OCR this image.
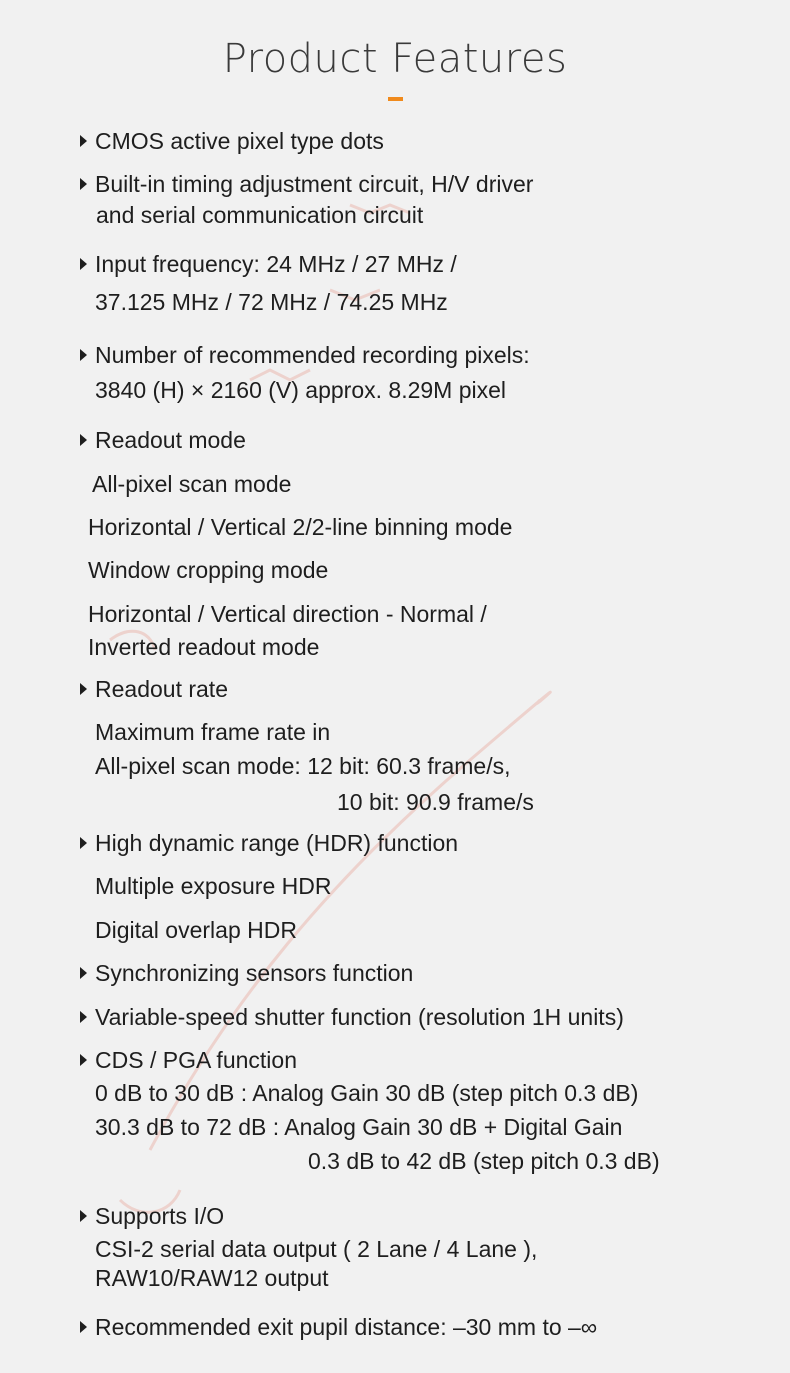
Product Features
CMOS active pixel type dots
Built-in timing adjustment circuit, H/V driver
and serial communication circuit
Input frequency: 24 MHz / 27 MHz /
37.125 MHz / 72 MHz / 74.25 MHz
Number of recommended recording pixels:
3840 (H) × 2160 (V) approx. 8.29M pixel
Readout mode
All-pixel scan mode
Horizontal / Vertical 2/2-line binning mode
Window cropping mode
Horizontal / Vertical direction - Normal /
Inverted readout mode
Readout rate
Maximum frame rate in
All-pixel scan mode: 12 bit: 60.3 frame/s,
10 bit: 90.9 frame/s
High dynamic range (HDR) function
Multiple exposure HDR
Digital overlap HDR
Synchronizing sensors function
Variable-speed shutter function (resolution 1H units)
CDS / PGA function
0 dB to 30 dB : Analog Gain 30 dB (step pitch 0.3 dB)
30.3 dB to 72 dB : Analog Gain 30 dB + Digital Gain
0.3 dB to 42 dB (step pitch 0.3 dB)
Supports I/O
CSI-2 serial data output ( 2 Lane / 4 Lane ),
RAW10/RAW12 output
Recommended exit pupil distance: –30 mm to –∞
